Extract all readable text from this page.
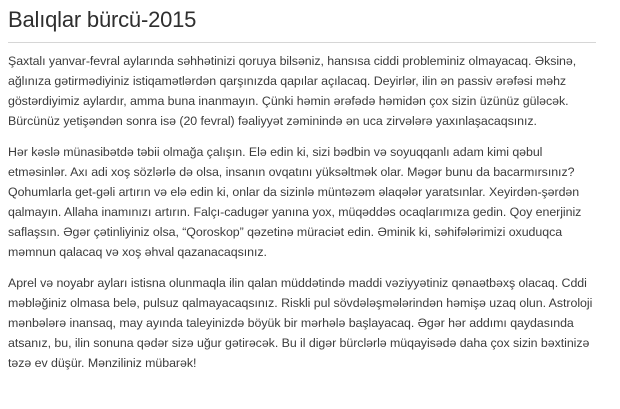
Balıqlar bürcü-2015

Şaxtalı yanvar-fevral aylarında səhhətinizi qoruya bilsəniz, hansısa ciddi probleminiz olmayacaq. Əksinə, ağlınıza gətirmədiyiniz istiqamətlərdən qarşınızda qapılar açılacaq. Deyirlər, ilin ən passiv ərəfəsi məhz göstərdiyimiz aylardır, amma buna inanmayın. Çünki həmin ərəfədə həmidən çox sizin üzünüz güləcək. Bürcünüz yetişəndən sonra isə (20 fevral) fəaliyyət zəminində ən uca zirvələrə yaxınlaşacaqsınız.

Hər kəslə münasibətdə təbii olmağa çalışın. Elə edin ki, sizi bədbin və soyuqqanlı adam kimi qəbul etməsinlər. Axı adi xoş sözlərlə də olsa, insanın ovqatını yüksəltmək olar. Məgər bunu da bacarmırsınız? Qohumlarla get-gəli artırın və elə edin ki, onlar da sizinlə müntəzəm əlaqələr yaratsınlar. Xeyirdən-şərdən qalmayın. Allaha inamınızı artırın. Falçı-cadugər yanına yox, müqəddəs ocaqlarımıza gedin. Qoy enerjiniz saflaşsın. Əgər çətinliyiniz olsa, “Qoroskop” qəzetinə müraciət edin. Əminik ki, səhifələrimizi oxuduqca məmnun qalacaq və xoş əhval qazanacaqsınız.

Aprel və noyabr ayları istisna olunmaqla ilin qalan müddətində maddi vəziyyətiniz qənaətbəxş olacaq. Cddi məbləğiniz olmasa belə, pulsuz qalmayacaqsınız. Riskli pul sövdələşmələrindən həmişə uzaq olun. Astroloji mənbələrə inansaq, may ayında taleyinizdə böyük bir mərhələ başlayacaq. Əgər hər addımı qaydasında atsanız, bu, ilin sonuna qədər sizə uğur gətirəcək. Bu il digər bürclərlə müqayisədə daha çox sizin bəxtinizə təzə ev düşür. Mənziliniz mübarək!
